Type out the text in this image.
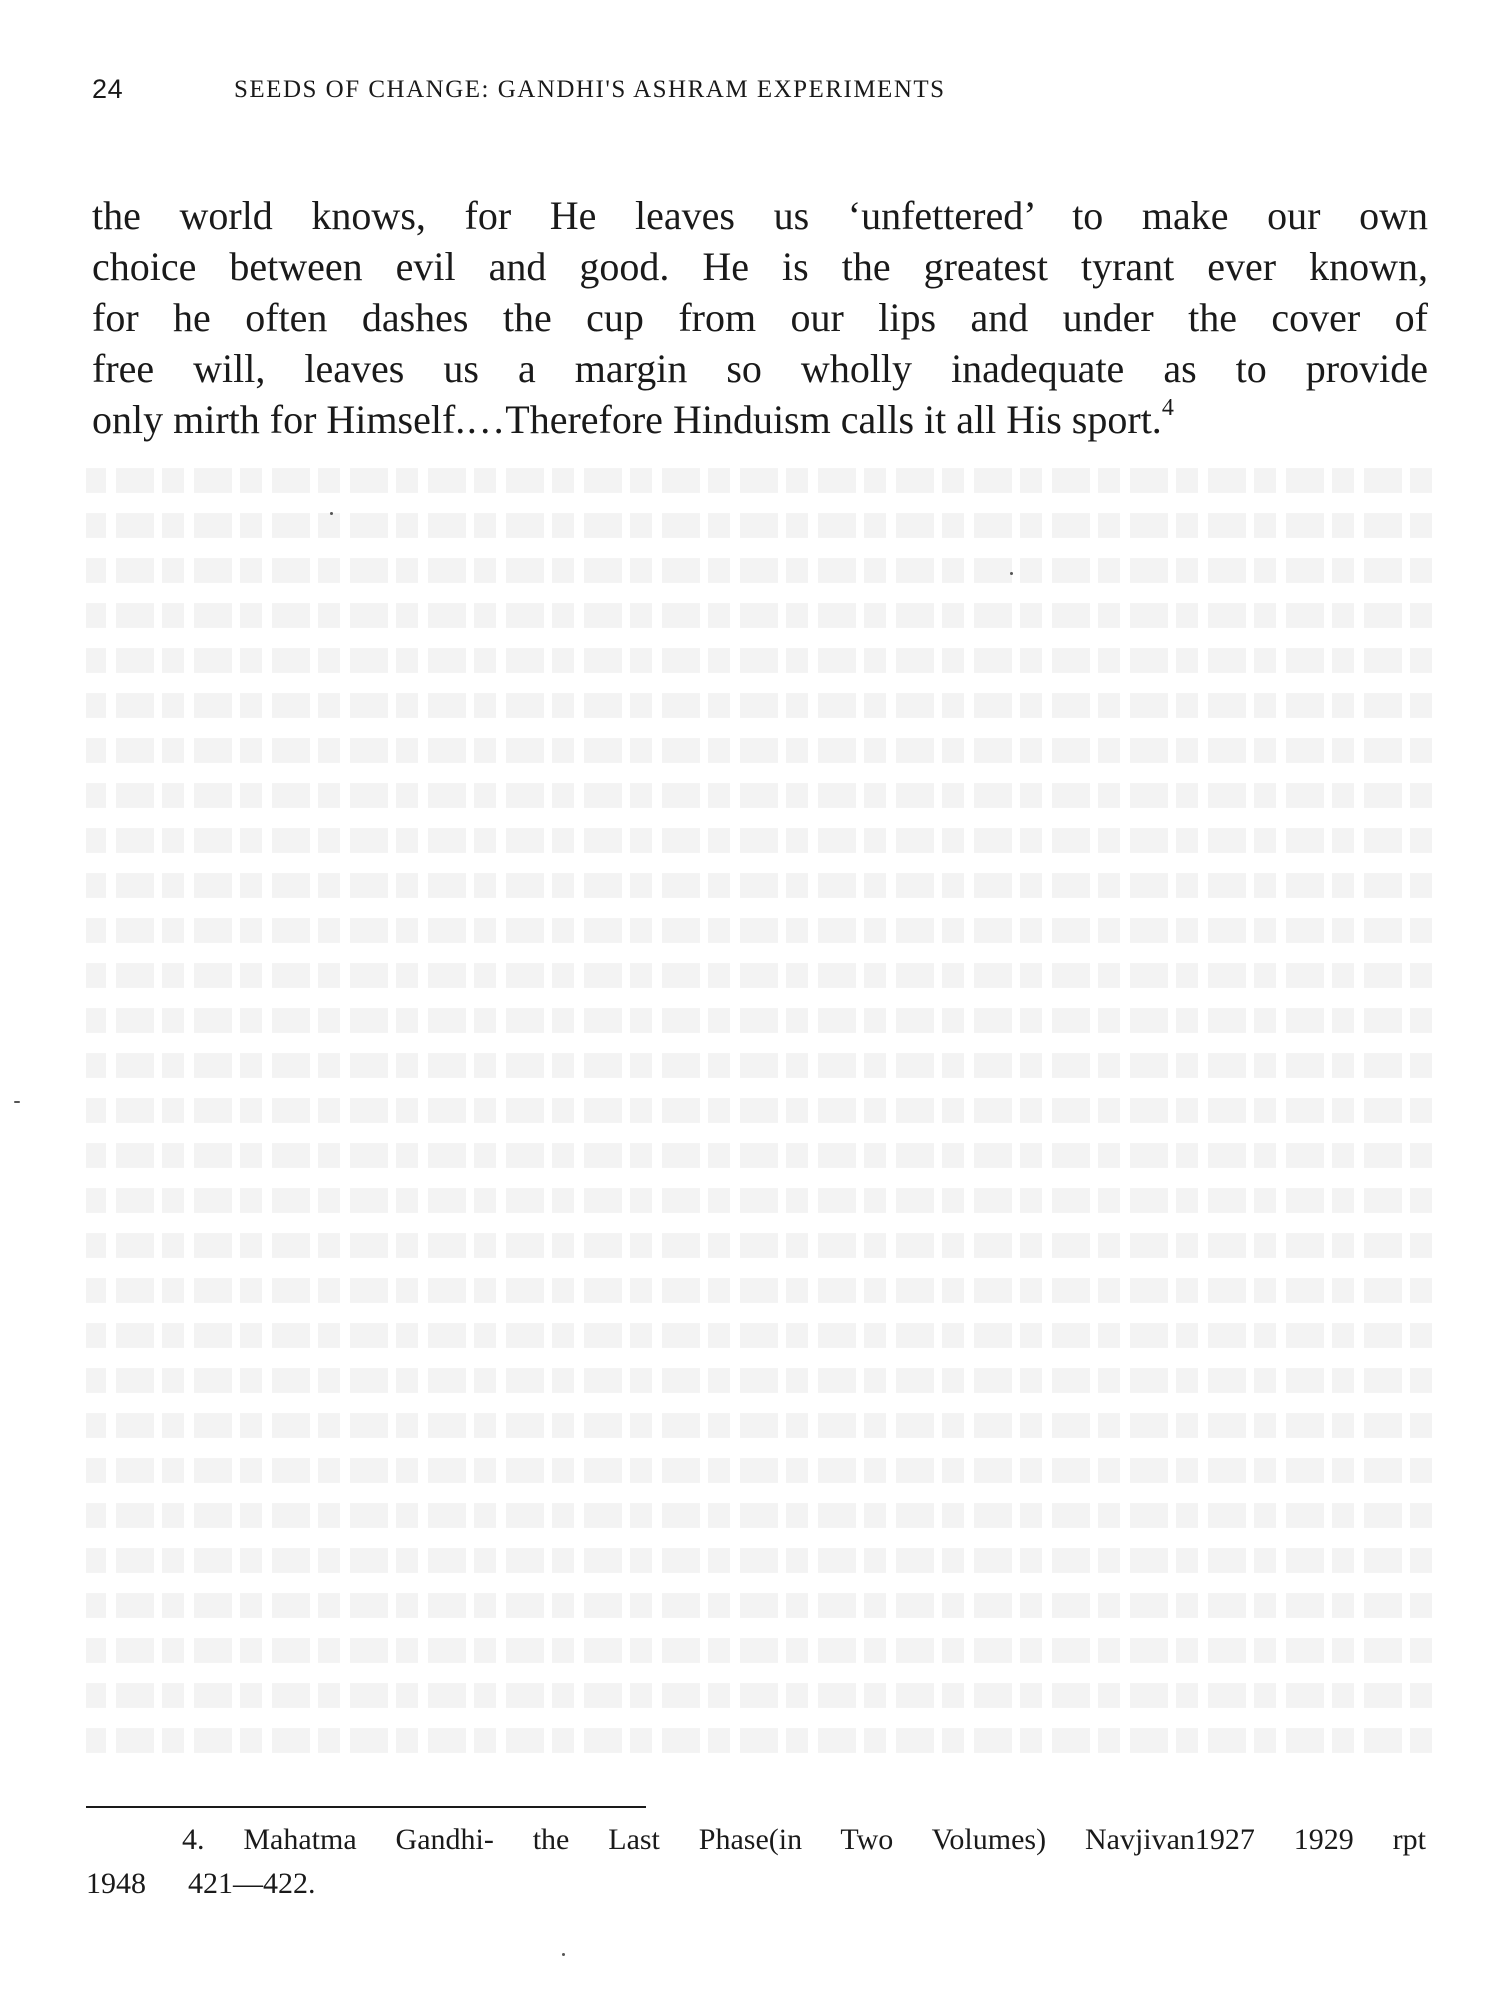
24	SEEDS OF CHANGE: GANDHI'S ASHRAM EXPERIMENTS
the world knows, for He leaves us ‘unfettered’ to make our own
choice between evil and good. He is the greatest tyrant ever known,
for he often dashes the cup from our lips and under the cover of
free will, leaves us a margin so wholly inadequate as to provide
only mirth for Himself.…Therefore Hinduism calls it all His sport.$^4$
4. Mahatma Gandhi- the Last Phase(in Two Volumes) Navjivan1927 1929 rpt
1948 421—422.
